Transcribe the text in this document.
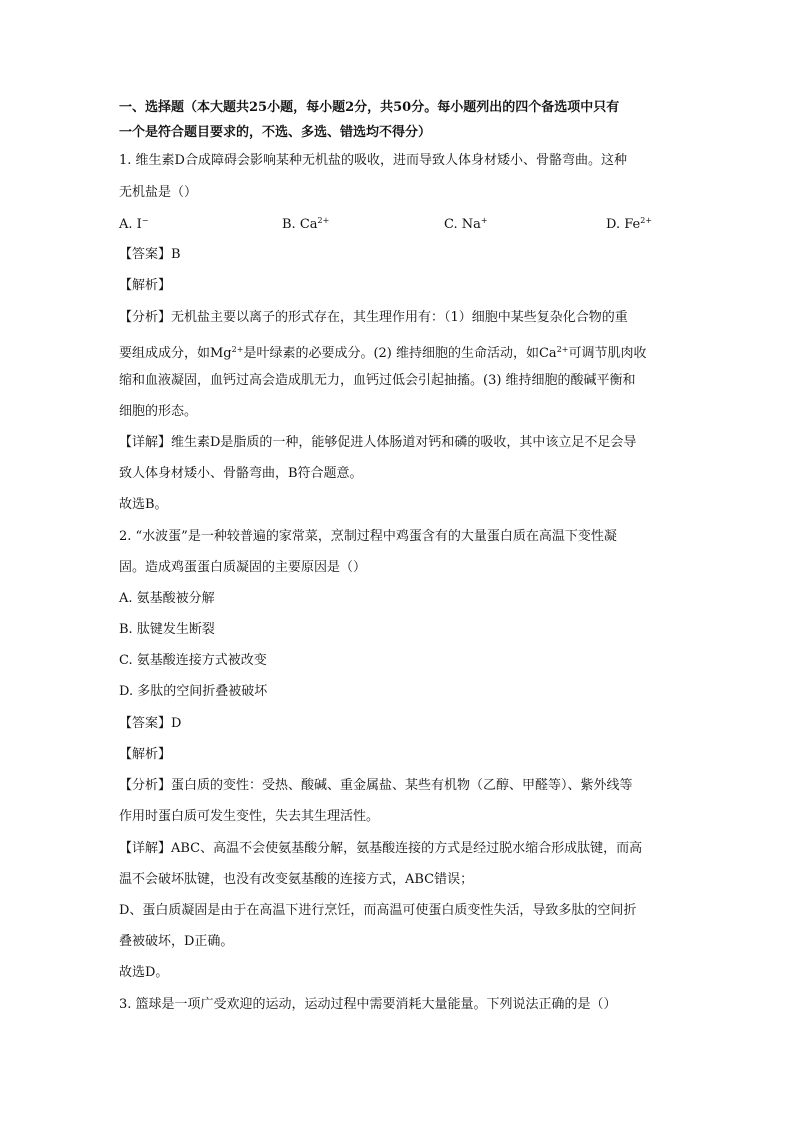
一、选择题（本大题共25小题，每小题2分，共50分。每小题列出的四个备选项中只有
一个是符合题目要求的，不选、多选、错选均不得分）
1. 维生素D合成障碍会影响某种无机盐的吸收，进而导致人体身材矮小、骨骼弯曲。这种
无机盐是（）
A. I−	B. $Ca^{2+}$	C. Na+	D. $Fe^{2+}$
【答案】B
【解析】
【分析】无机盐主要以离子的形式存在，其生理作用有：（1）细胞中某些复杂化合物的重
要组成成分，如$Mg^{2+}$是叶绿素的必要成分。(2) 维持细胞的生命活动，如$Ca^{2+}$可调节肌肉收
缩和血液凝固，血钙过高会造成肌无力，血钙过低会引起抽搐。(3) 维持细胞的酸碱平衡和
细胞的形态。
【详解】维生素D是脂质的一种，能够促进人体肠道对钙和磷的吸收，其中该立足不足会导
致人体身材矮小、骨骼弯曲，B符合题意。
故选B。
2. “水波蛋”是一种较普遍的家常菜，烹制过程中鸡蛋含有的大量蛋白质在高温下变性凝
固。造成鸡蛋蛋白质凝固的主要原因是（）
A. 氨基酸被分解
B. 肽键发生断裂
C. 氨基酸连接方式被改变
D. 多肽的空间折叠被破坏
【答案】D
【解析】
【分析】蛋白质的变性：受热、酸碱、重金属盐、某些有机物（乙醇、甲醛等）、紫外线等
作用时蛋白质可发生变性，失去其生理活性。
【详解】ABC、高温不会使氨基酸分解，氨基酸连接的方式是经过脱水缩合形成肽键，而高
温不会破坏肽键，也没有改变氨基酸的连接方式，ABC错误；
D、蛋白质凝固是由于在高温下进行烹饪，而高温可使蛋白质变性失活，导致多肽的空间折
叠被破坏，D正确。
故选D。
3. 篮球是一项广受欢迎的运动，运动过程中需要消耗大量能量。下列说法正确的是（）
